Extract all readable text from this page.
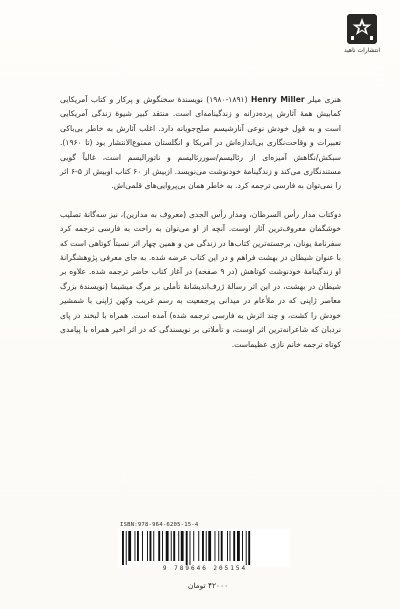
انتشارات ناهید

هنری میلر Henry Miller (۱۸۹۱-۱۹۸۰) نویسندهٔ سخنگوش و پرکار و کتاب آمریکایی کمابیش همهٔ آثارش پرده‌درانه و زندگینامه‌ای است. منتقد کبیر شیوهٔ زندگی آمریکایی است و به قول خودش نوعی آنارشیسم صلح‌جویانه دارد. اغلب آثارش به خاطر بی‌باکی تعبیرات و وقاحت‌نگاری بی‌اندازه‌اش در آمریکا و انگلستان ممنوع‌الانتشار بود (تا ۱۹۶۰). سبکش/نگاهش آمیزه‌ای از رئالیسم/سوررئالیسم و ناتورالیسم است، غالباً گویی مستندنگاری می‌کند و زندگینامهٔ خودنوشت می‌نویسد. ازبیش از ۶۰ کتاب اوبیش از ۵-۶ اثر را نمی‌توان به فارسی ترجمه کرد. به خاطر همان بی‌پروایی‌های قلمی‌اش.

دوکتاب مدار رأس السرطان، ومدار رأس الجدی (معروف به مدارین)، نیز سه‌گانهٔ تصلیب خوشگمان معروف‌ترین آثار اوست. آنچه از او می‌توان به راحت به فارسی ترجمه کرد سفرنامهٔ یونان، برجسته‌ترین کتاب‌ها در زندگی من و همین چهار اثر نسبتاً کوتاهی است که با عنوان شیطان در بهشت فراهم و در این کتاب عرضه شده. به جای معرفی پژوهشگرانهٔ او زندگینامهٔ خودنوشت کوتاهش (در ۹ صفحه) در آغاز کتاب حاضر ترجمه شده. علاوه بر شیطان در بهشت، در این اثر رسالهٔ ژرف‌اندیشانهٔ تأملی بر مرگ میشیما (نویسندهٔ بزرگ معاصر ژاپنی که در ملأعام در میدانی پرجمعیت به رسم غریب وکهن ژاپنی با شمشیر خودش را کشت، و چند اثرش به فارسی ترجمه شده) آمده است. همراه با لبخند در پای نردبان که شاعرانه‌ترین اثر اوست، و تأملاتی بر نویسندگی که در اثر اخیر همراه با پیامدی کوتاه ترجمه خانم نازی عظیماست.

ISBN:978-964-6205-15-4
9 789646 205154
۴۲۰۰۰ تومان
